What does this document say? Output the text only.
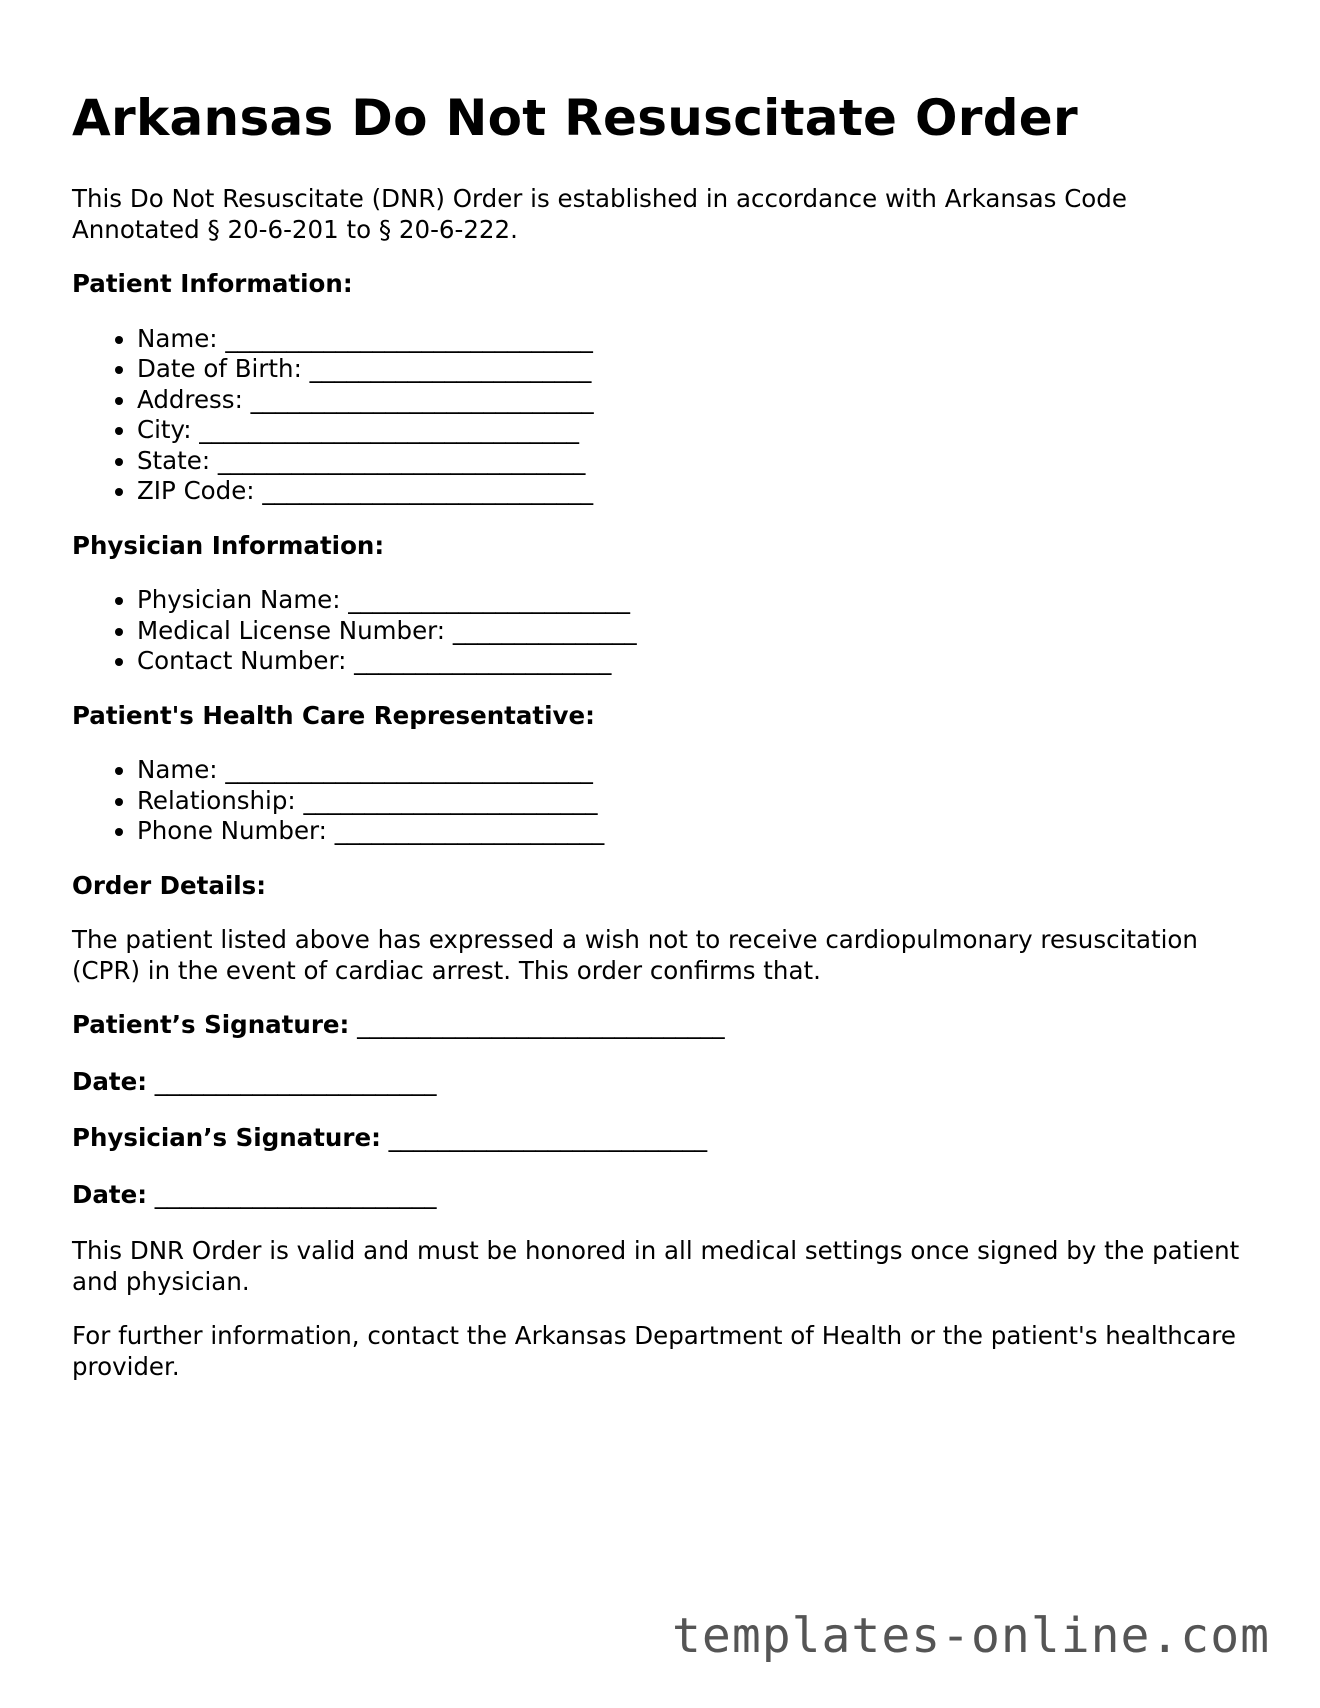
Arkansas Do Not Resuscitate Order

This Do Not Resuscitate (DNR) Order is established in accordance with Arkansas Code Annotated § 20-6-201 to § 20-6-222.

Patient Information:
• Name: ______________________________
• Date of Birth: _______________________
• Address: ____________________________
• City: _______________________________
• State: ______________________________
• ZIP Code: ___________________________
Physician Information:
• Physician Name: _______________________
• Medical License Number: _______________
• Contact Number: _____________________
Patient's Health Care Representative:
• Name: ______________________________
• Relationship: ________________________
• Phone Number: ______________________
Order Details:

The patient listed above has expressed a wish not to receive cardiopulmonary resuscitation (CPR) in the event of cardiac arrest. This order confirms that.

Patient’s Signature: ______________________________
Date: _______________________
Physician’s Signature: __________________________
Date: _______________________

This DNR Order is valid and must be honored in all medical settings once signed by the patient and physician.

For further information, contact the Arkansas Department of Health or the patient's healthcare provider.

templates-online.com
